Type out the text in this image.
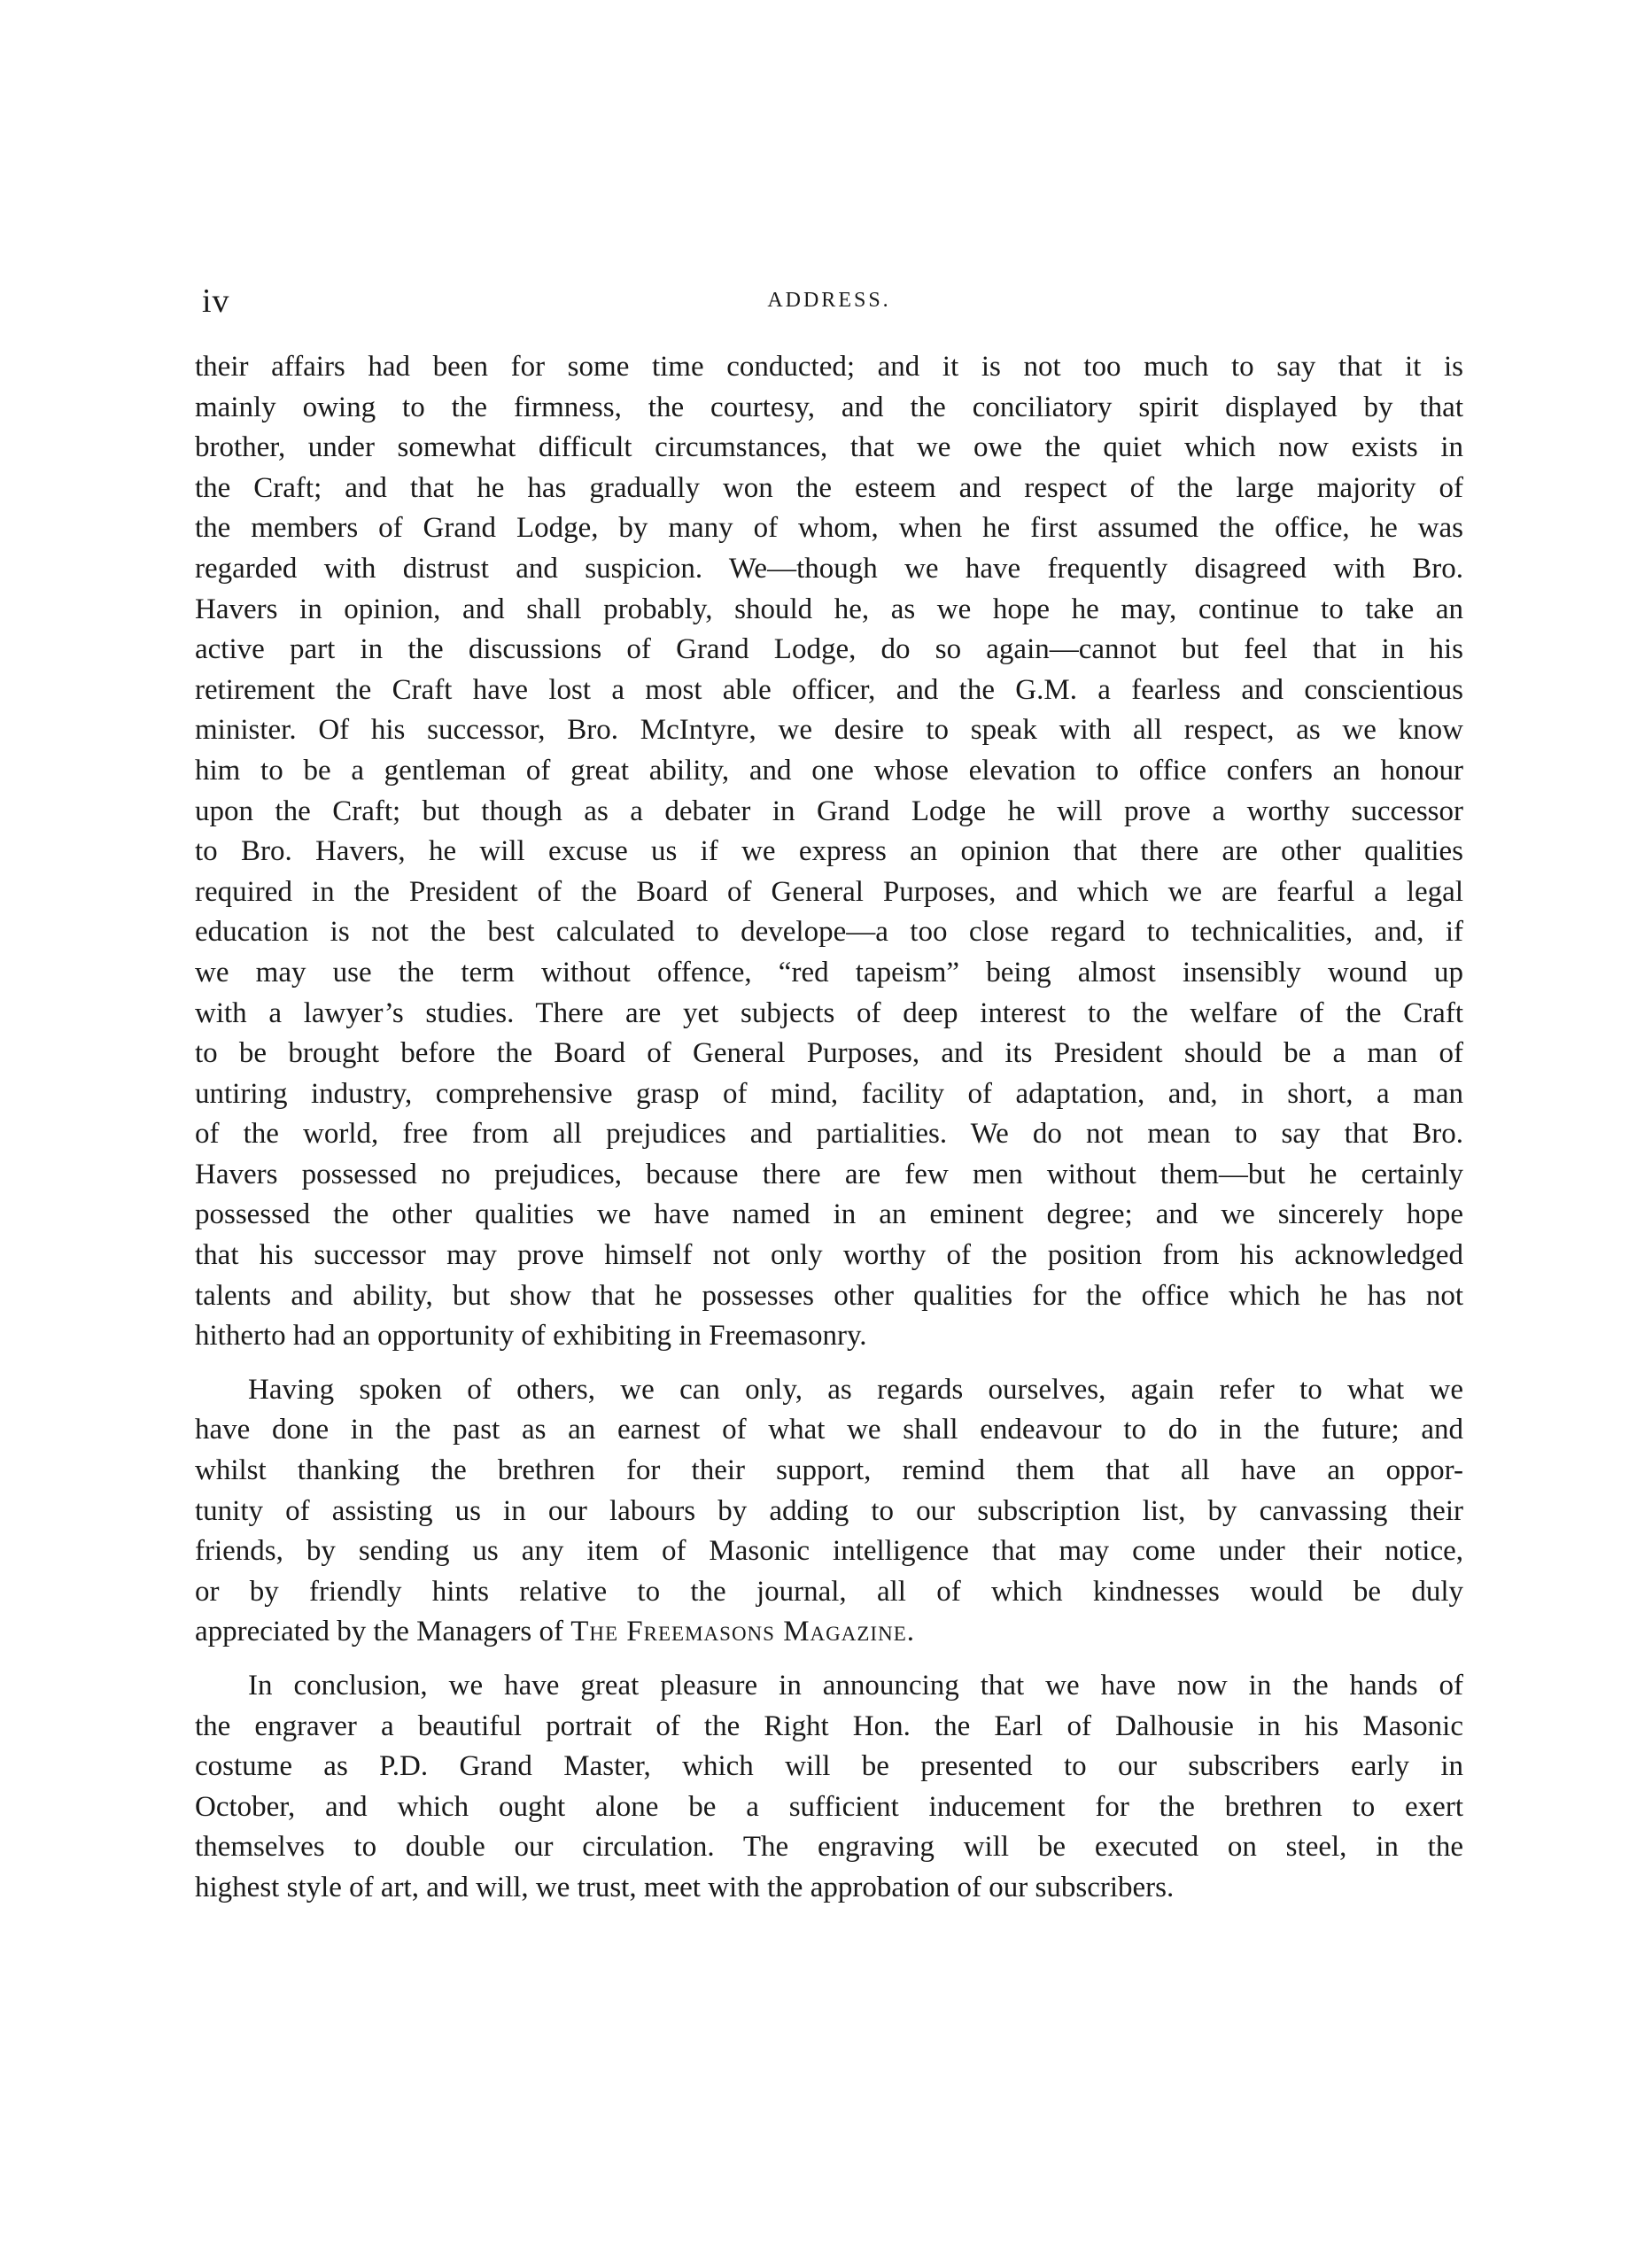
iv	ADDRESS.

their affairs had been for some time conducted; and it is not too much to say that it is
mainly owing to the firmness, the courtesy, and the conciliatory spirit displayed by that
brother, under somewhat difficult circumstances, that we owe the quiet which now exists in
the Craft; and that he has gradually won the esteem and respect of the large majority of
the members of Grand Lodge, by many of whom, when he first assumed the office, he was
regarded with distrust and suspicion. We—though we have frequently disagreed with Bro.
Havers in opinion, and shall probably, should he, as we hope he may, continue to take an
active part in the discussions of Grand Lodge, do so again—cannot but feel that in his
retirement the Craft have lost a most able officer, and the G.M. a fearless and conscientious
minister. Of his successor, Bro. McIntyre, we desire to speak with all respect, as we know
him to be a gentleman of great ability, and one whose elevation to office confers an honour
upon the Craft; but though as a debater in Grand Lodge he will prove a worthy successor
to Bro. Havers, he will excuse us if we express an opinion that there are other qualities
required in the President of the Board of General Purposes, and which we are fearful a legal
education is not the best calculated to develope—a too close regard to technicalities, and, if
we may use the term without offence, “red tapeism” being almost insensibly wound up
with a lawyer’s studies. There are yet subjects of deep interest to the welfare of the Craft
to be brought before the Board of General Purposes, and its President should be a man of
untiring industry, comprehensive grasp of mind, facility of adaptation, and, in short, a man
of the world, free from all prejudices and partialities. We do not mean to say that Bro.
Havers possessed no prejudices, because there are few men without them—but he certainly
possessed the other qualities we have named in an eminent degree; and we sincerely hope
that his successor may prove himself not only worthy of the position from his acknowledged
talents and ability, but show that he possesses other qualities for the office which he has not
hitherto had an opportunity of exhibiting in Freemasonry.

Having spoken of others, we can only, as regards ourselves, again refer to what we
have done in the past as an earnest of what we shall endeavour to do in the future; and
whilst thanking the brethren for their support, remind them that all have an oppor-
tunity of assisting us in our labours by adding to our subscription list, by canvassing their
friends, by sending us any item of Masonic intelligence that may come under their notice,
or by friendly hints relative to the journal, all of which kindnesses would be duly
appreciated by the Managers of The Freemasons Magazine.

In conclusion, we have great pleasure in announcing that we have now in the hands of
the engraver a beautiful portrait of the Right Hon. the Earl of Dalhousie in his Masonic
costume as P.D. Grand Master, which will be presented to our subscribers early in
October, and which ought alone be a sufficient inducement for the brethren to exert
themselves to double our circulation. The engraving will be executed on steel, in the
highest style of art, and will, we trust, meet with the approbation of our subscribers.
